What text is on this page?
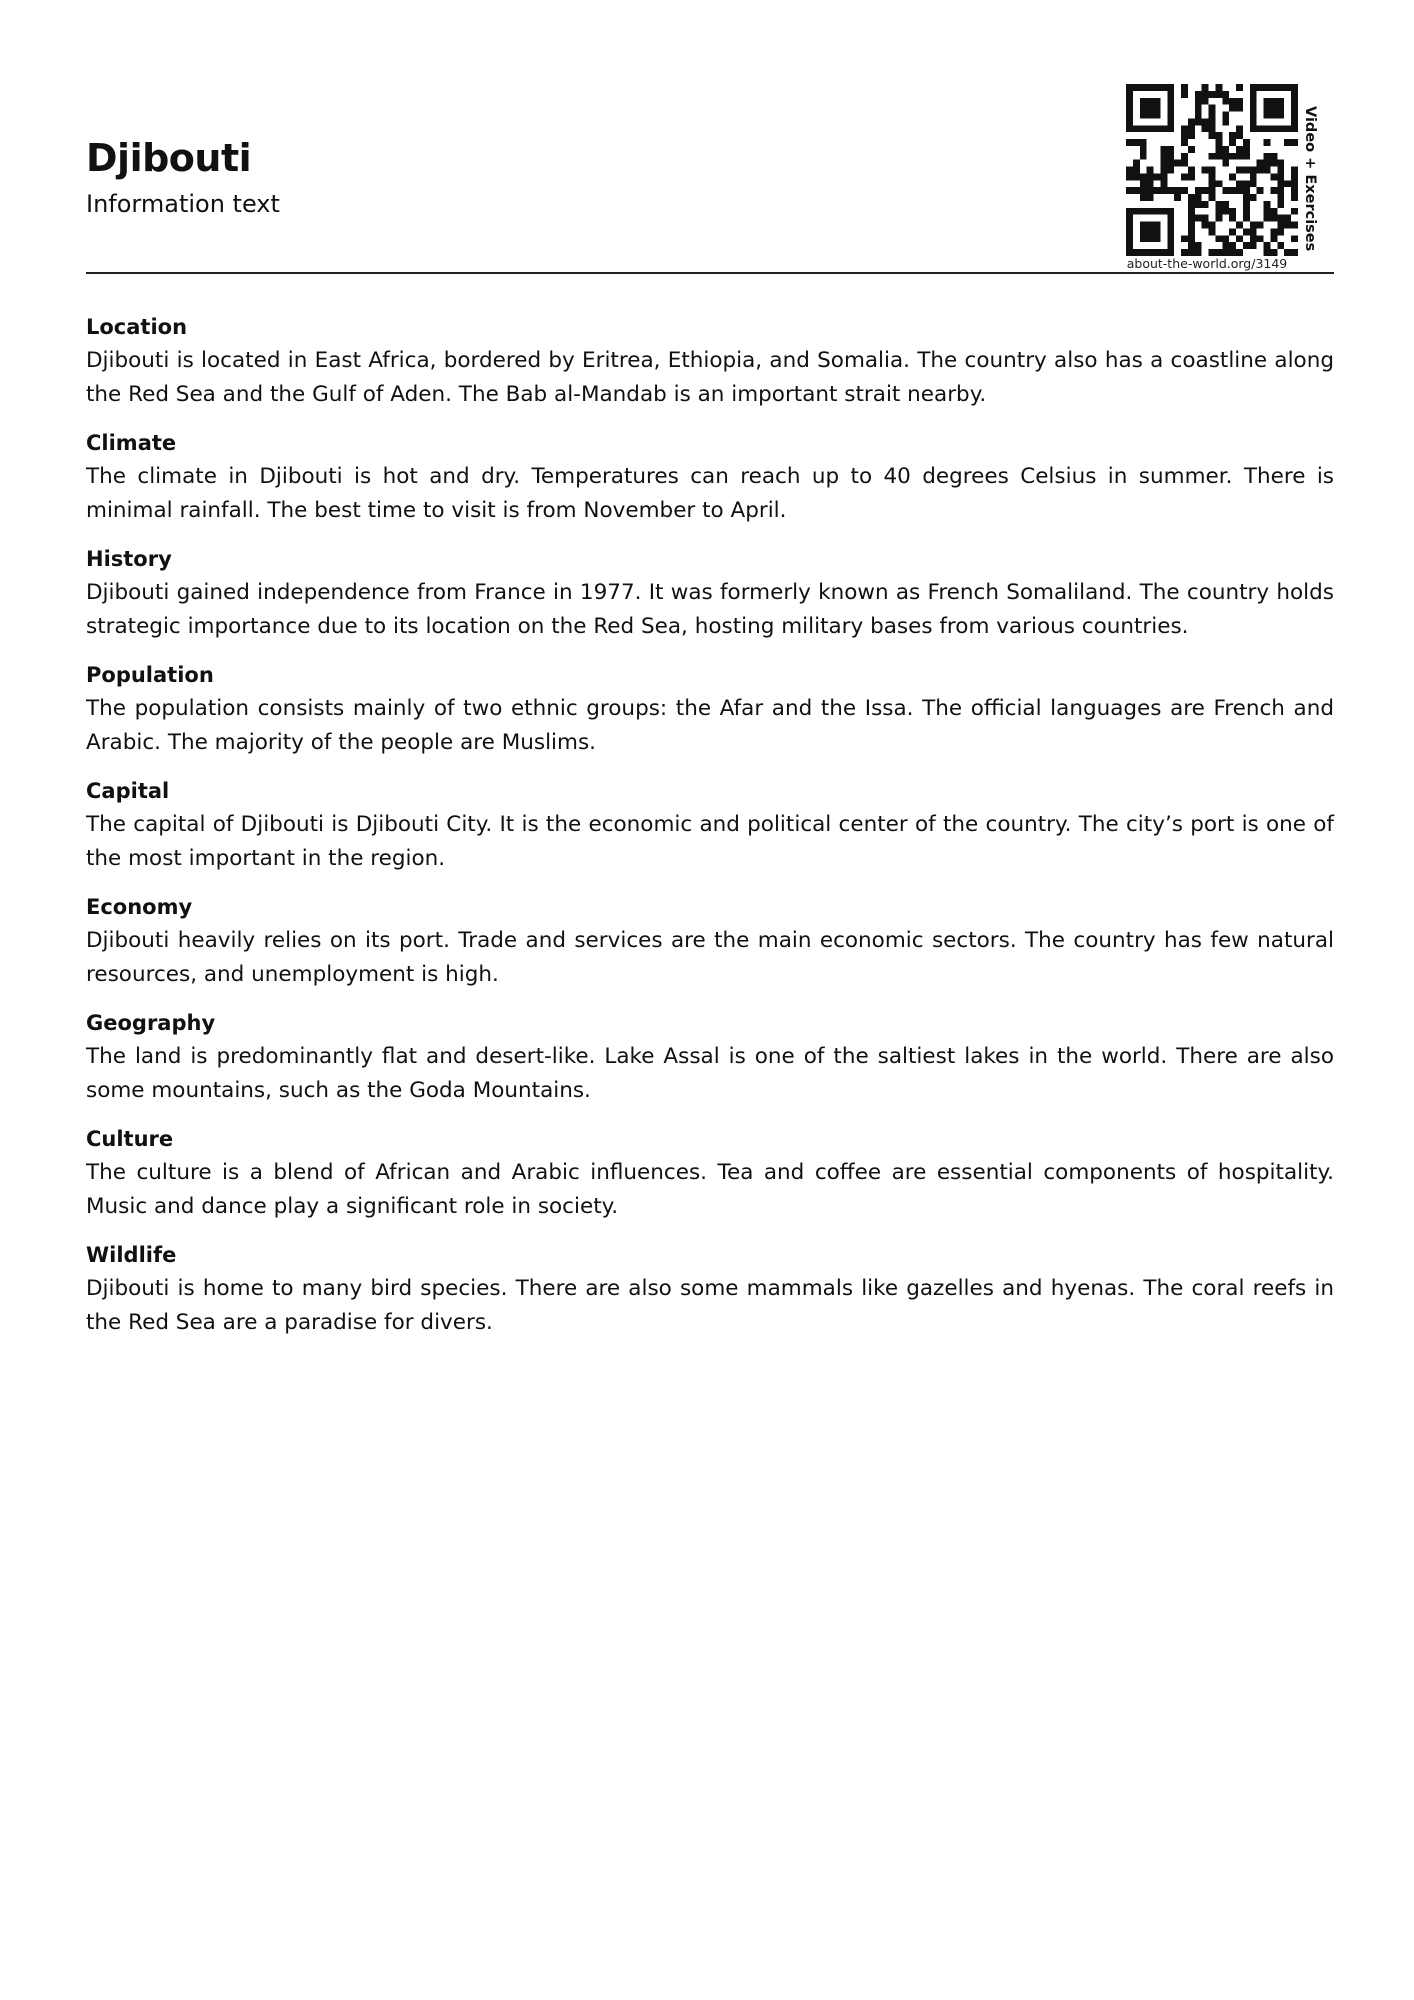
Djibouti
Information text
about-the-world.org/3149
Video + Exercises
Location

Djibouti is located in East Africa, bordered by Eritrea, Ethiopia, and Somalia. The country also has a coastline along the Red Sea and the Gulf of Aden. The Bab al-Mandab is an important strait nearby.

Climate

The climate in Djibouti is hot and dry. Temperatures can reach up to 40 degrees Celsius in summer. There is minimal rainfall. The best time to visit is from November to April.

History

Djibouti gained independence from France in 1977. It was formerly known as French Somaliland. The country holds strategic importance due to its location on the Red Sea, hosting military bases from various countries.

Population

The population consists mainly of two ethnic groups: the Afar and the Issa. The official languages are French and Arabic. The majority of the people are Muslims.

Capital

The capital of Djibouti is Djibouti City. It is the economic and political center of the country. The city’s port is one of the most important in the region.

Economy

Djibouti heavily relies on its port. Trade and services are the main economic sectors. The country has few natural resources, and unemployment is high.

Geography

The land is predominantly flat and desert-like. Lake Assal is one of the saltiest lakes in the world. There are also some mountains, such as the Goda Mountains.

Culture

The culture is a blend of African and Arabic influences. Tea and coffee are essential components of hospitality. Music and dance play a significant role in society.

Wildlife

Djibouti is home to many bird species. There are also some mammals like gazelles and hyenas. The coral reefs in the Red Sea are a paradise for divers.
